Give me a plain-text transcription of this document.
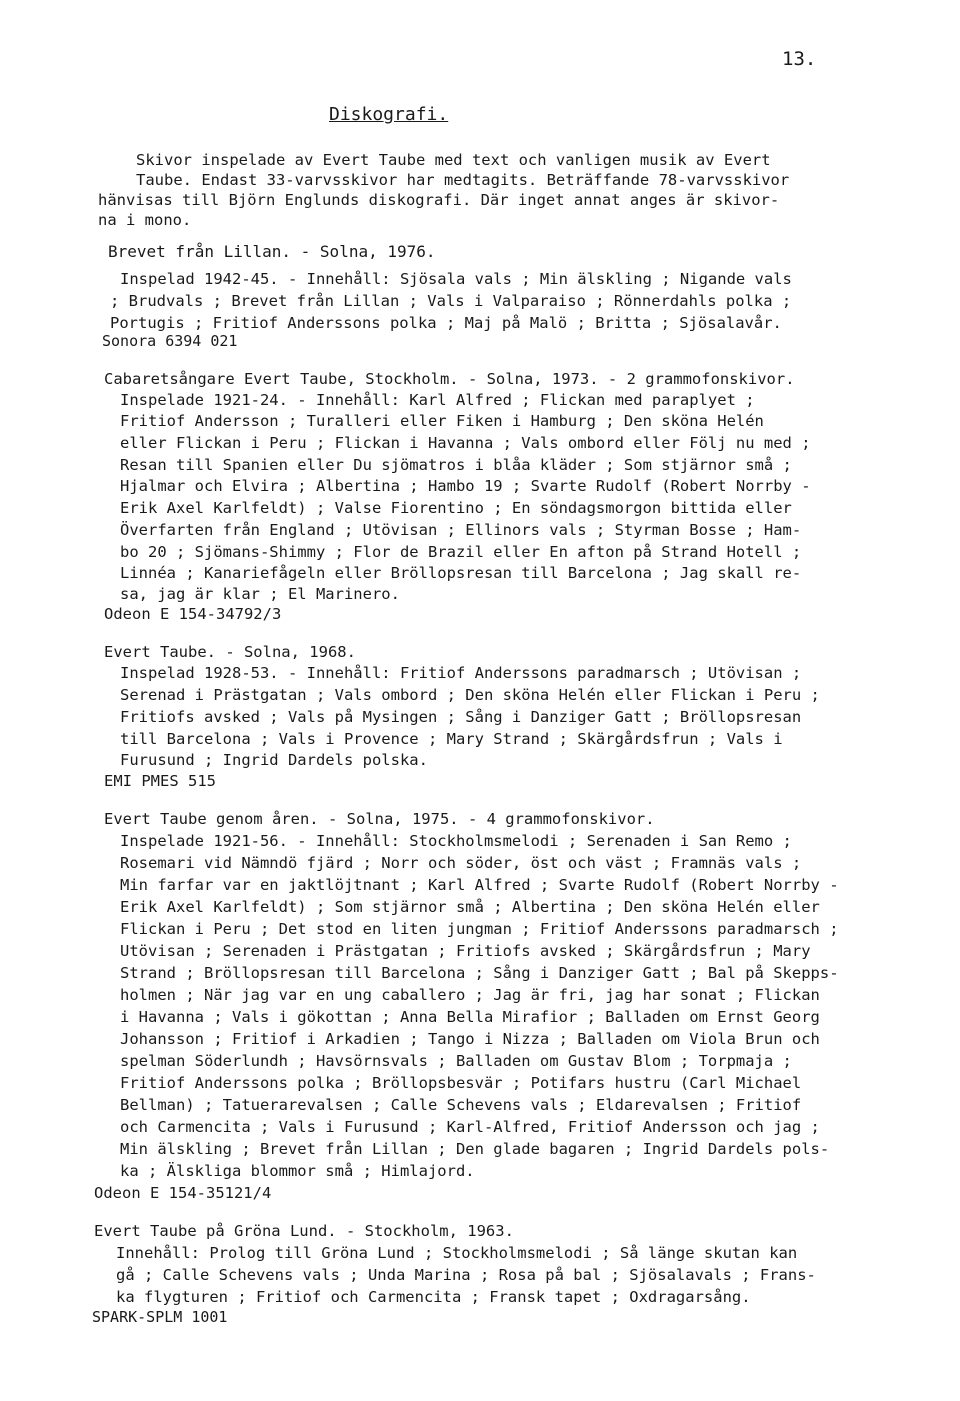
13.
Diskografi.
Skivor inspelade av Evert Taube med text och vanligen musik av Evert
Taube. Endast 33-varvsskivor har medtagits. Beträffande 78-varvsskivor
hänvisas till Björn Englunds diskografi. Där inget annat anges är skivor-
na i mono.
Brevet från Lillan. - Solna, 1976.
Inspelad 1942-45. - Innehåll: Sjösala vals ; Min älskling ; Nigande vals
; Brudvals ; Brevet från Lillan ; Vals i Valparaiso ; Rönnerdahls polka ;
Portugis ; Fritiof Anderssons polka ; Maj på Malö ; Britta ; Sjösalavår.
Sonora 6394 021
Cabaretsångare Evert Taube, Stockholm. - Solna, 1973. - 2 grammofonskivor.
Inspelade 1921-24. - Innehåll: Karl Alfred ; Flickan med paraplyet ;
Fritiof Andersson ; Turalleri eller Fiken i Hamburg ; Den sköna Helén
eller Flickan i Peru ; Flickan i Havanna ; Vals ombord eller Följ nu med ;
Resan till Spanien eller Du sjömatros i blåa kläder ; Som stjärnor små ;
Hjalmar och Elvira ; Albertina ; Hambo 19 ; Svarte Rudolf (Robert Norrby -
Erik Axel Karlfeldt) ; Valse Fiorentino ; En söndagsmorgon bittida eller
Överfarten från England ; Utövisan ; Ellinors vals ; Styrman Bosse ; Ham-
bo 20 ; Sjömans-Shimmy ; Flor de Brazil eller En afton på Strand Hotell ;
Linnéa ; Kanariefågeln eller Bröllopsresan till Barcelona ; Jag skall re-
sa, jag är klar ; El Marinero.
Odeon E 154-34792/3
Evert Taube. - Solna, 1968.
Inspelad 1928-53. - Innehåll: Fritiof Anderssons paradmarsch ; Utövisan ;
Serenad i Prästgatan ; Vals ombord ; Den sköna Helén eller Flickan i Peru ;
Fritiofs avsked ; Vals på Mysingen ; Sång i Danziger Gatt ; Bröllopsresan
till Barcelona ; Vals i Provence ; Mary Strand ; Skärgårdsfrun ; Vals i
Furusund ; Ingrid Dardels polska.
EMI PMES 515
Evert Taube genom åren. - Solna, 1975. - 4 grammofonskivor.
Inspelade 1921-56. - Innehåll: Stockholmsmelodi ; Serenaden i San Remo ;
Rosemari vid Nämndö fjärd ; Norr och söder, öst och väst ; Framnäs vals ;
Min farfar var en jaktlöjtnant ; Karl Alfred ; Svarte Rudolf (Robert Norrby -
Erik Axel Karlfeldt) ; Som stjärnor små ; Albertina ; Den sköna Helén eller
Flickan i Peru ; Det stod en liten jungman ; Fritiof Anderssons paradmarsch ;
Utövisan ; Serenaden i Prästgatan ; Fritiofs avsked ; Skärgårdsfrun ; Mary
Strand ; Bröllopsresan till Barcelona ; Sång i Danziger Gatt ; Bal på Skepps-
holmen ; När jag var en ung caballero ; Jag är fri, jag har sonat ; Flickan
i Havanna ; Vals i gökottan ; Anna Bella Mirafior ; Balladen om Ernst Georg
Johansson ; Fritiof i Arkadien ; Tango i Nizza ; Balladen om Viola Brun och
spelman Söderlundh ; Havsörnsvals ; Balladen om Gustav Blom ; Torpmaja ;
Fritiof Anderssons polka ; Bröllopsbesvär ; Potifars hustru (Carl Michael
Bellman) ; Tatuerarevalsen ; Calle Schevens vals ; Eldarevalsen ; Fritiof
och Carmencita ; Vals i Furusund ; Karl-Alfred, Fritiof Andersson och jag ;
Min älskling ; Brevet från Lillan ; Den glade bagaren ; Ingrid Dardels pols-
ka ; Älskliga blommor små ; Himlajord.
Odeon E 154-35121/4
Evert Taube på Gröna Lund. - Stockholm, 1963.
Innehåll: Prolog till Gröna Lund ; Stockholmsmelodi ; Så länge skutan kan
gå ; Calle Schevens vals ; Unda Marina ; Rosa på bal ; Sjösalavals ; Frans-
ka flygturen ; Fritiof och Carmencita ; Fransk tapet ; Oxdragarsång.
SPARK-SPLM 1001
